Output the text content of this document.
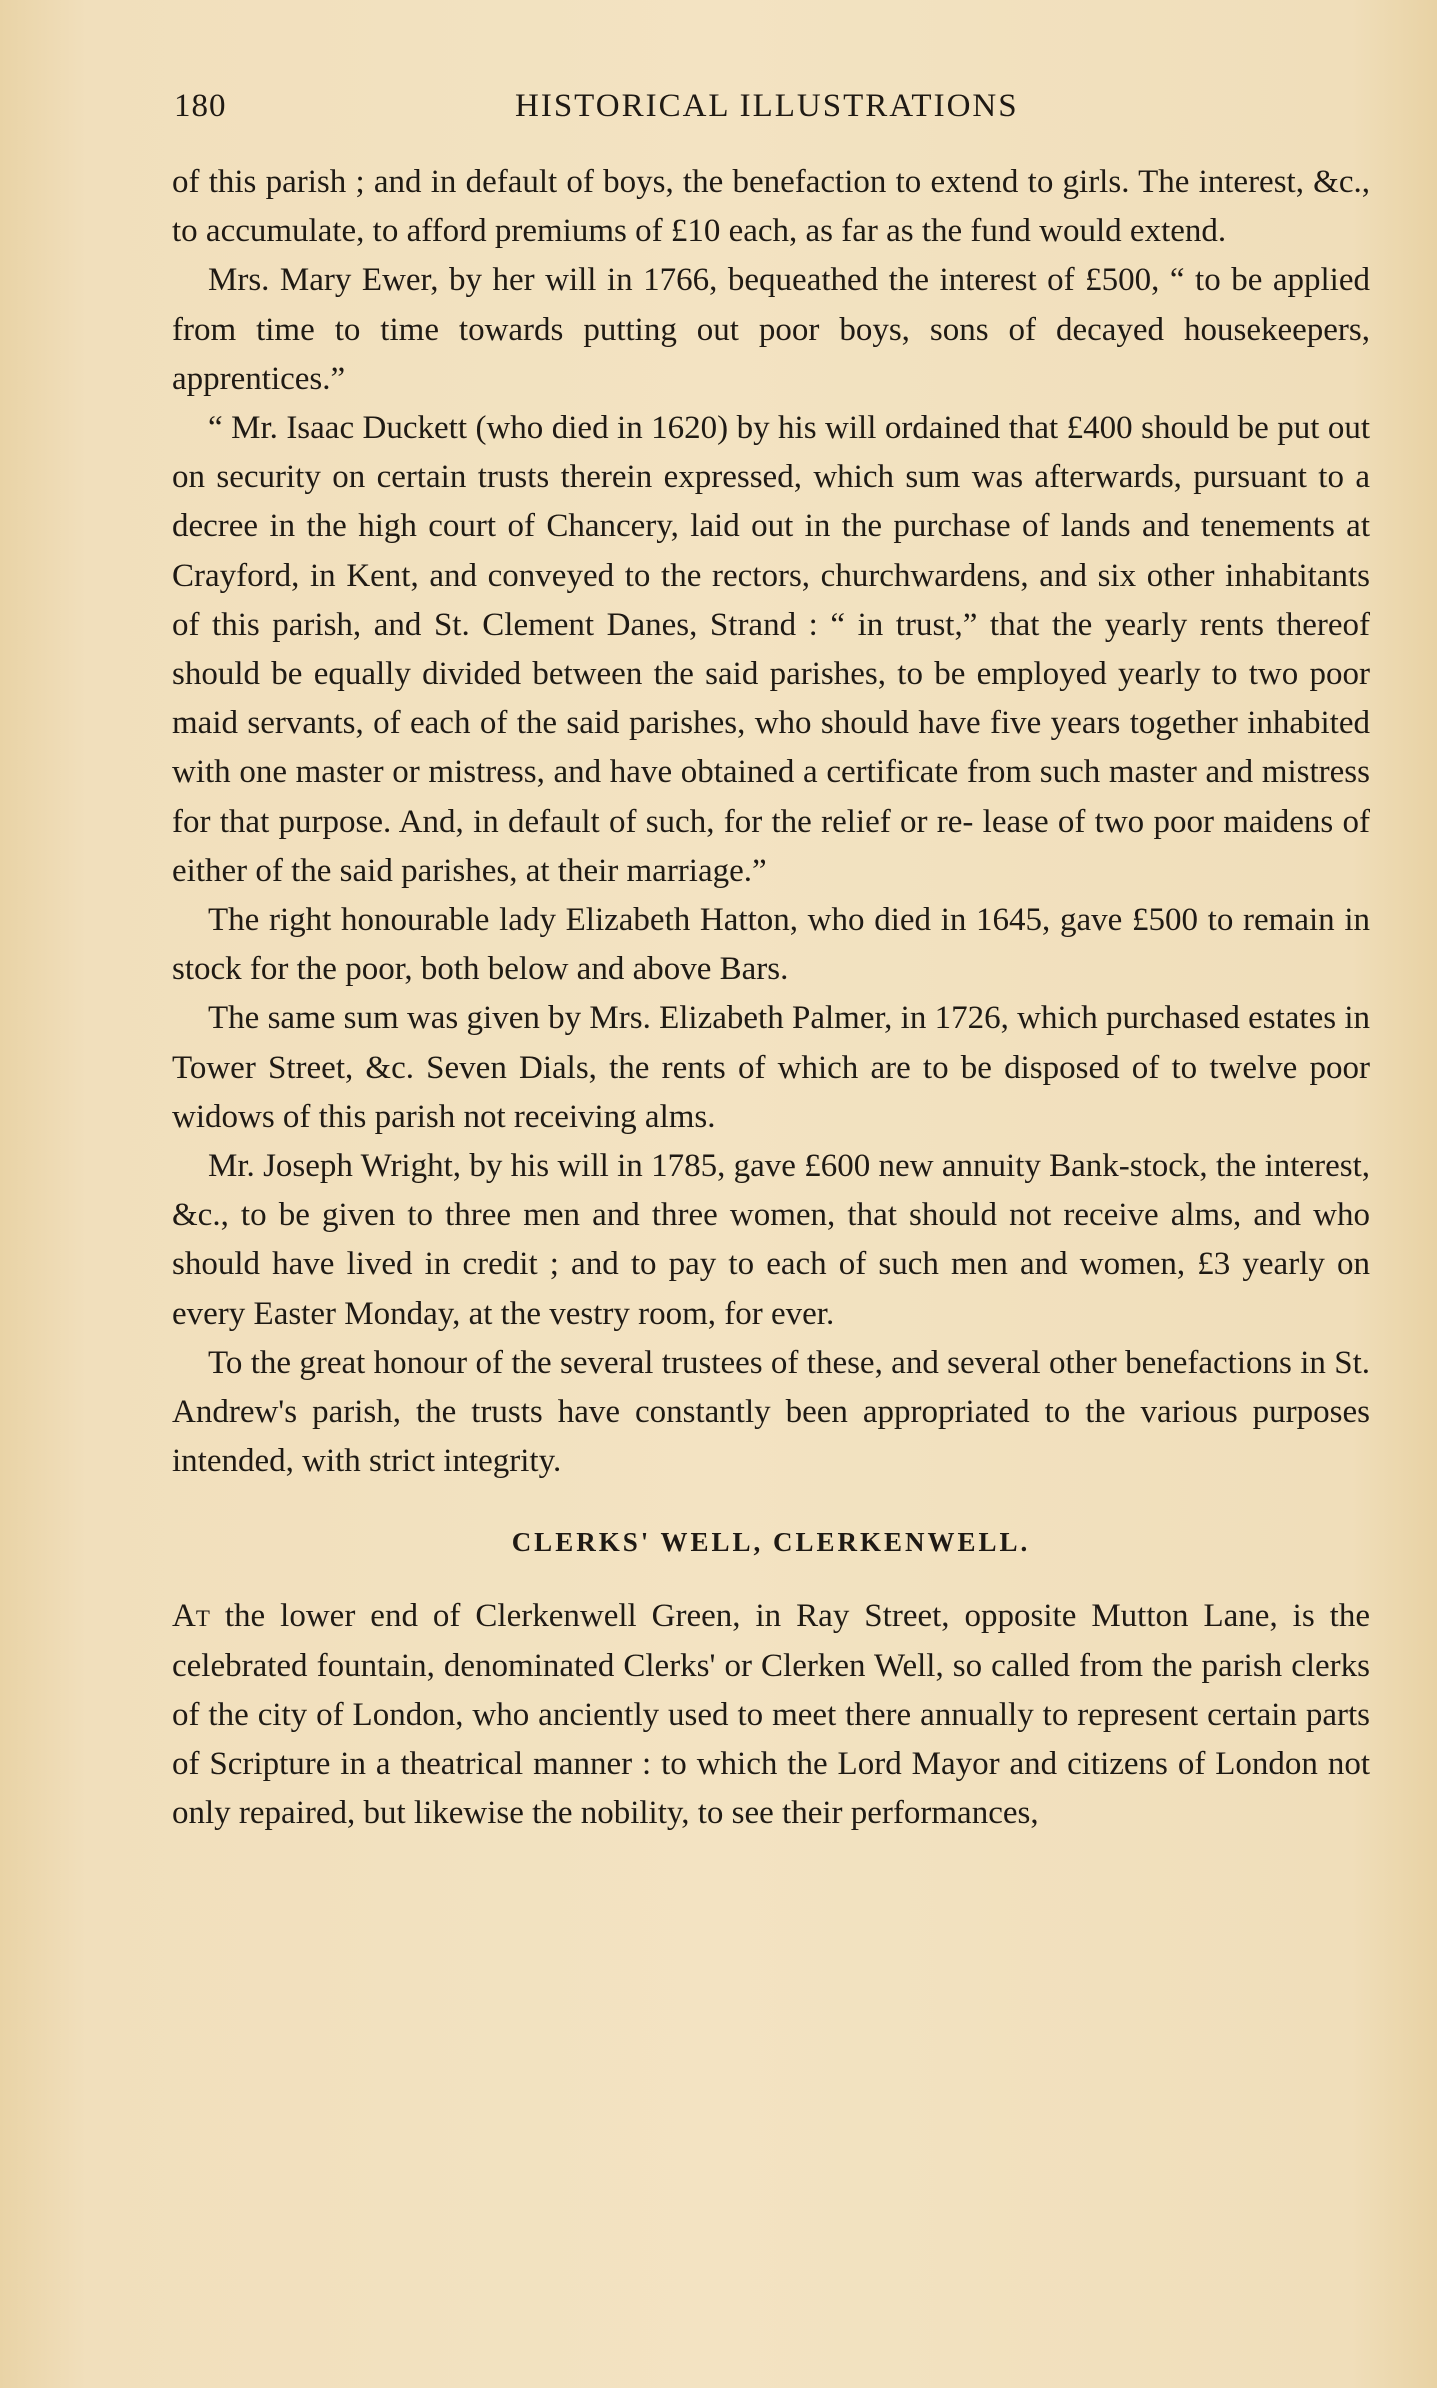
180	HISTORICAL ILLUSTRATIONS

of this parish ; and in default of boys, the benefaction to extend to girls. The interest, &c., to accumulate, to afford premiums of £10 each, as far as the fund would extend.

Mrs. Mary Ewer, by her will in 1766, bequeathed the interest of £500, “ to be applied from time to time towards putting out poor boys, sons of decayed housekeepers, apprentices.”

“ Mr. Isaac Duckett (who died in 1620) by his will ordained that £400 should be put out on security on certain trusts therein expressed, which sum was afterwards, pursuant to a decree in the high court of Chancery, laid out in the purchase of lands and tenements at Crayford, in Kent, and conveyed to the rectors, churchwardens, and six other inhabitants of this parish, and St. Clement Danes, Strand : “ in trust,” that the yearly rents thereof should be equally divided between the said parishes, to be employed yearly to two poor maid servants, of each of the said parishes, who should have five years together inhabited with one master or mistress, and have obtained a certificate from such master and mistress for that purpose. And, in default of such, for the relief or re- lease of two poor maidens of either of the said parishes, at their marriage.”

The right honourable lady Elizabeth Hatton, who died in 1645, gave £500 to remain in stock for the poor, both below and above Bars.

The same sum was given by Mrs. Elizabeth Palmer, in 1726, which purchased estates in Tower Street, &c. Seven Dials, the rents of which are to be disposed of to twelve poor widows of this parish not receiving alms.

Mr. Joseph Wright, by his will in 1785, gave £600 new annuity Bank-stock, the interest, &c., to be given to three men and three women, that should not receive alms, and who should have lived in credit ; and to pay to each of such men and women, £3 yearly on every Easter Monday, at the vestry room, for ever.

To the great honour of the several trustees of these, and several other benefactions in St. Andrew's parish, the trusts have constantly been appropriated to the various purposes intended, with strict integrity.

CLERKS' WELL, CLERKENWELL.

At the lower end of Clerkenwell Green, in Ray Street, opposite Mutton Lane, is the celebrated fountain, denominated Clerks' or Clerken Well, so called from the parish clerks of the city of London, who anciently used to meet there annually to represent certain parts of Scripture in a theatrical manner : to which the Lord Mayor and citizens of London not only repaired, but likewise the nobility, to see their performances,
